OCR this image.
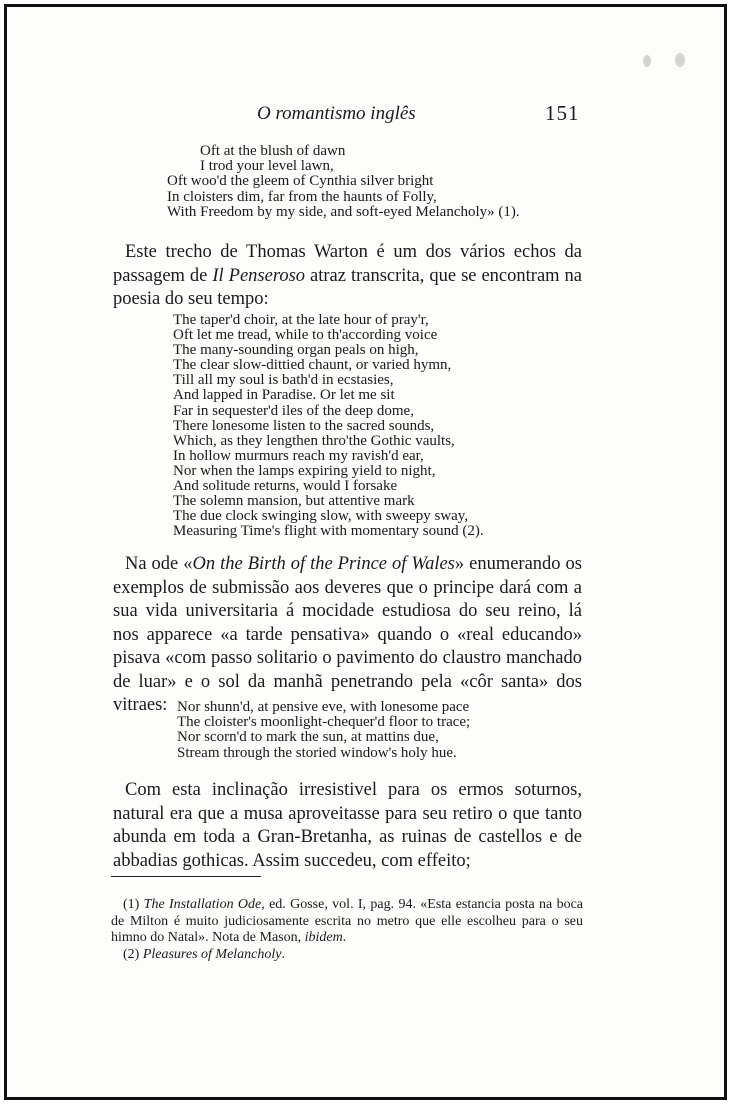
O romantismo inglês	151
Oft at the blush of dawn
I trod your level lawn,
Oft woo'd the gleem of Cynthia silver bright
In cloisters dim, far from the haunts of Folly,
With Freedom by my side, and soft-eyed Melancholy» (1).
Este trecho de Thomas Warton é um dos vários echos da passagem de Il Penseroso atraz transcrita, que se encontram na poesia do seu tempo:
The taper'd choir, at the late hour of pray'r,
Oft let me tread, while to th'according voice
The many-sounding organ peals on high,
The clear slow-dittied chaunt, or varied hymn,
Till all my soul is bath'd in ecstasies,
And lapped in Paradise. Or let me sit
Far in sequester'd iles of the deep dome,
There lonesome listen to the sacred sounds,
Which, as they lengthen thro'the Gothic vaults,
In hollow murmurs reach my ravish'd ear,
Nor when the lamps expiring yield to night,
And solitude returns, would I forsake
The solemn mansion, but attentive mark
The due clock swinging slow, with sweepy sway,
Measuring Time's flight with momentary sound (2).
Na ode «On the Birth of the Prince of Wales» enumerando os exemplos de submissão aos deveres que o principe dará com a sua vida universitaria á mocidade estudiosa do seu reino, lá nos apparece «a tarde pensativa» quando o «real educando» pisava «com passo solitario o pavimento do claustro manchado de luar» e o sol da manhã penetrando pela «côr santa» dos vitraes: Nor shunn'd, at pensive eve, with lonesome pace
The cloister's moonlight-chequer'd floor to trace;
Nor scorn'd to mark the sun, at mattins due,
Stream through the storied window's holy hue.
Com esta inclinação irresistivel para os ermos soturnos, natural era que a musa aproveitasse para seu retiro o que tanto abunda em toda a Gran-Bretanha, as ruinas de castellos e de abbadias gothicas. Assim succedeu, com effeito;
(1) The Installation Ode, ed. Gosse, vol. I, pag. 94. «Esta estancia posta na boca de Milton é muito judiciosamente escrita no metro que elle escolheu para o seu himno do Natal». Nota de Mason, ibidem.
(2) Pleasures of Melancholy.
